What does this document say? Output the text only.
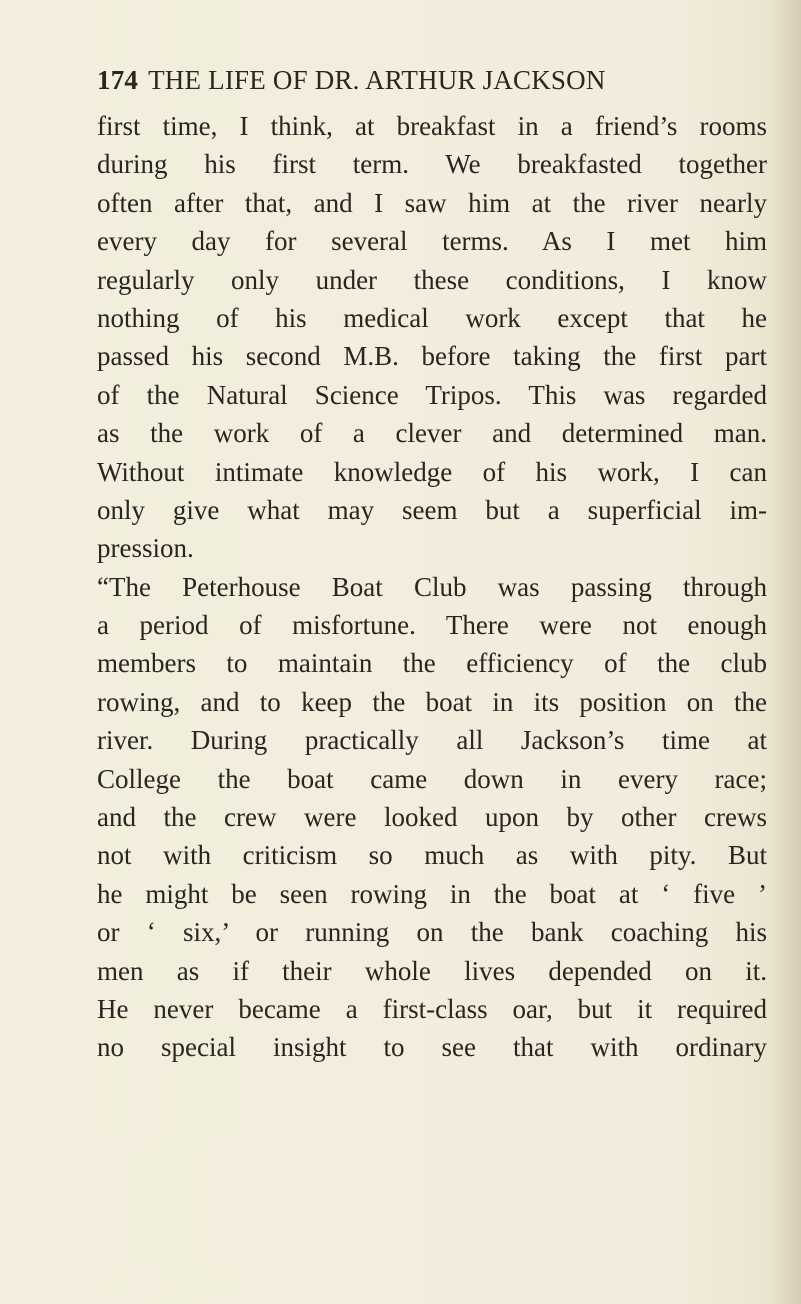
174 THE LIFE OF DR. ARTHUR JACKSON
first time, I think, at breakfast in a friend’s rooms
during his first term. We breakfasted together
often after that, and I saw him at the river nearly
every day for several terms. As I met him
regularly only under these conditions, I know
nothing of his medical work except that he
passed his second M.B. before taking the first part
of the Natural Science Tripos. This was regarded
as the work of a clever and determined man.
Without intimate knowledge of his work, I can
only give what may seem but a superficial im-
pression.
“The Peterhouse Boat Club was passing through
a period of misfortune. There were not enough
members to maintain the efficiency of the club
rowing, and to keep the boat in its position on the
river. During practically all Jackson’s time at
College the boat came down in every race;
and the crew were looked upon by other crews
not with criticism so much as with pity. But
he might be seen rowing in the boat at ‘ five ’
or ‘ six,’ or running on the bank coaching his
men as if their whole lives depended on it.
He never became a first-class oar, but it required
no special insight to see that with ordinary
